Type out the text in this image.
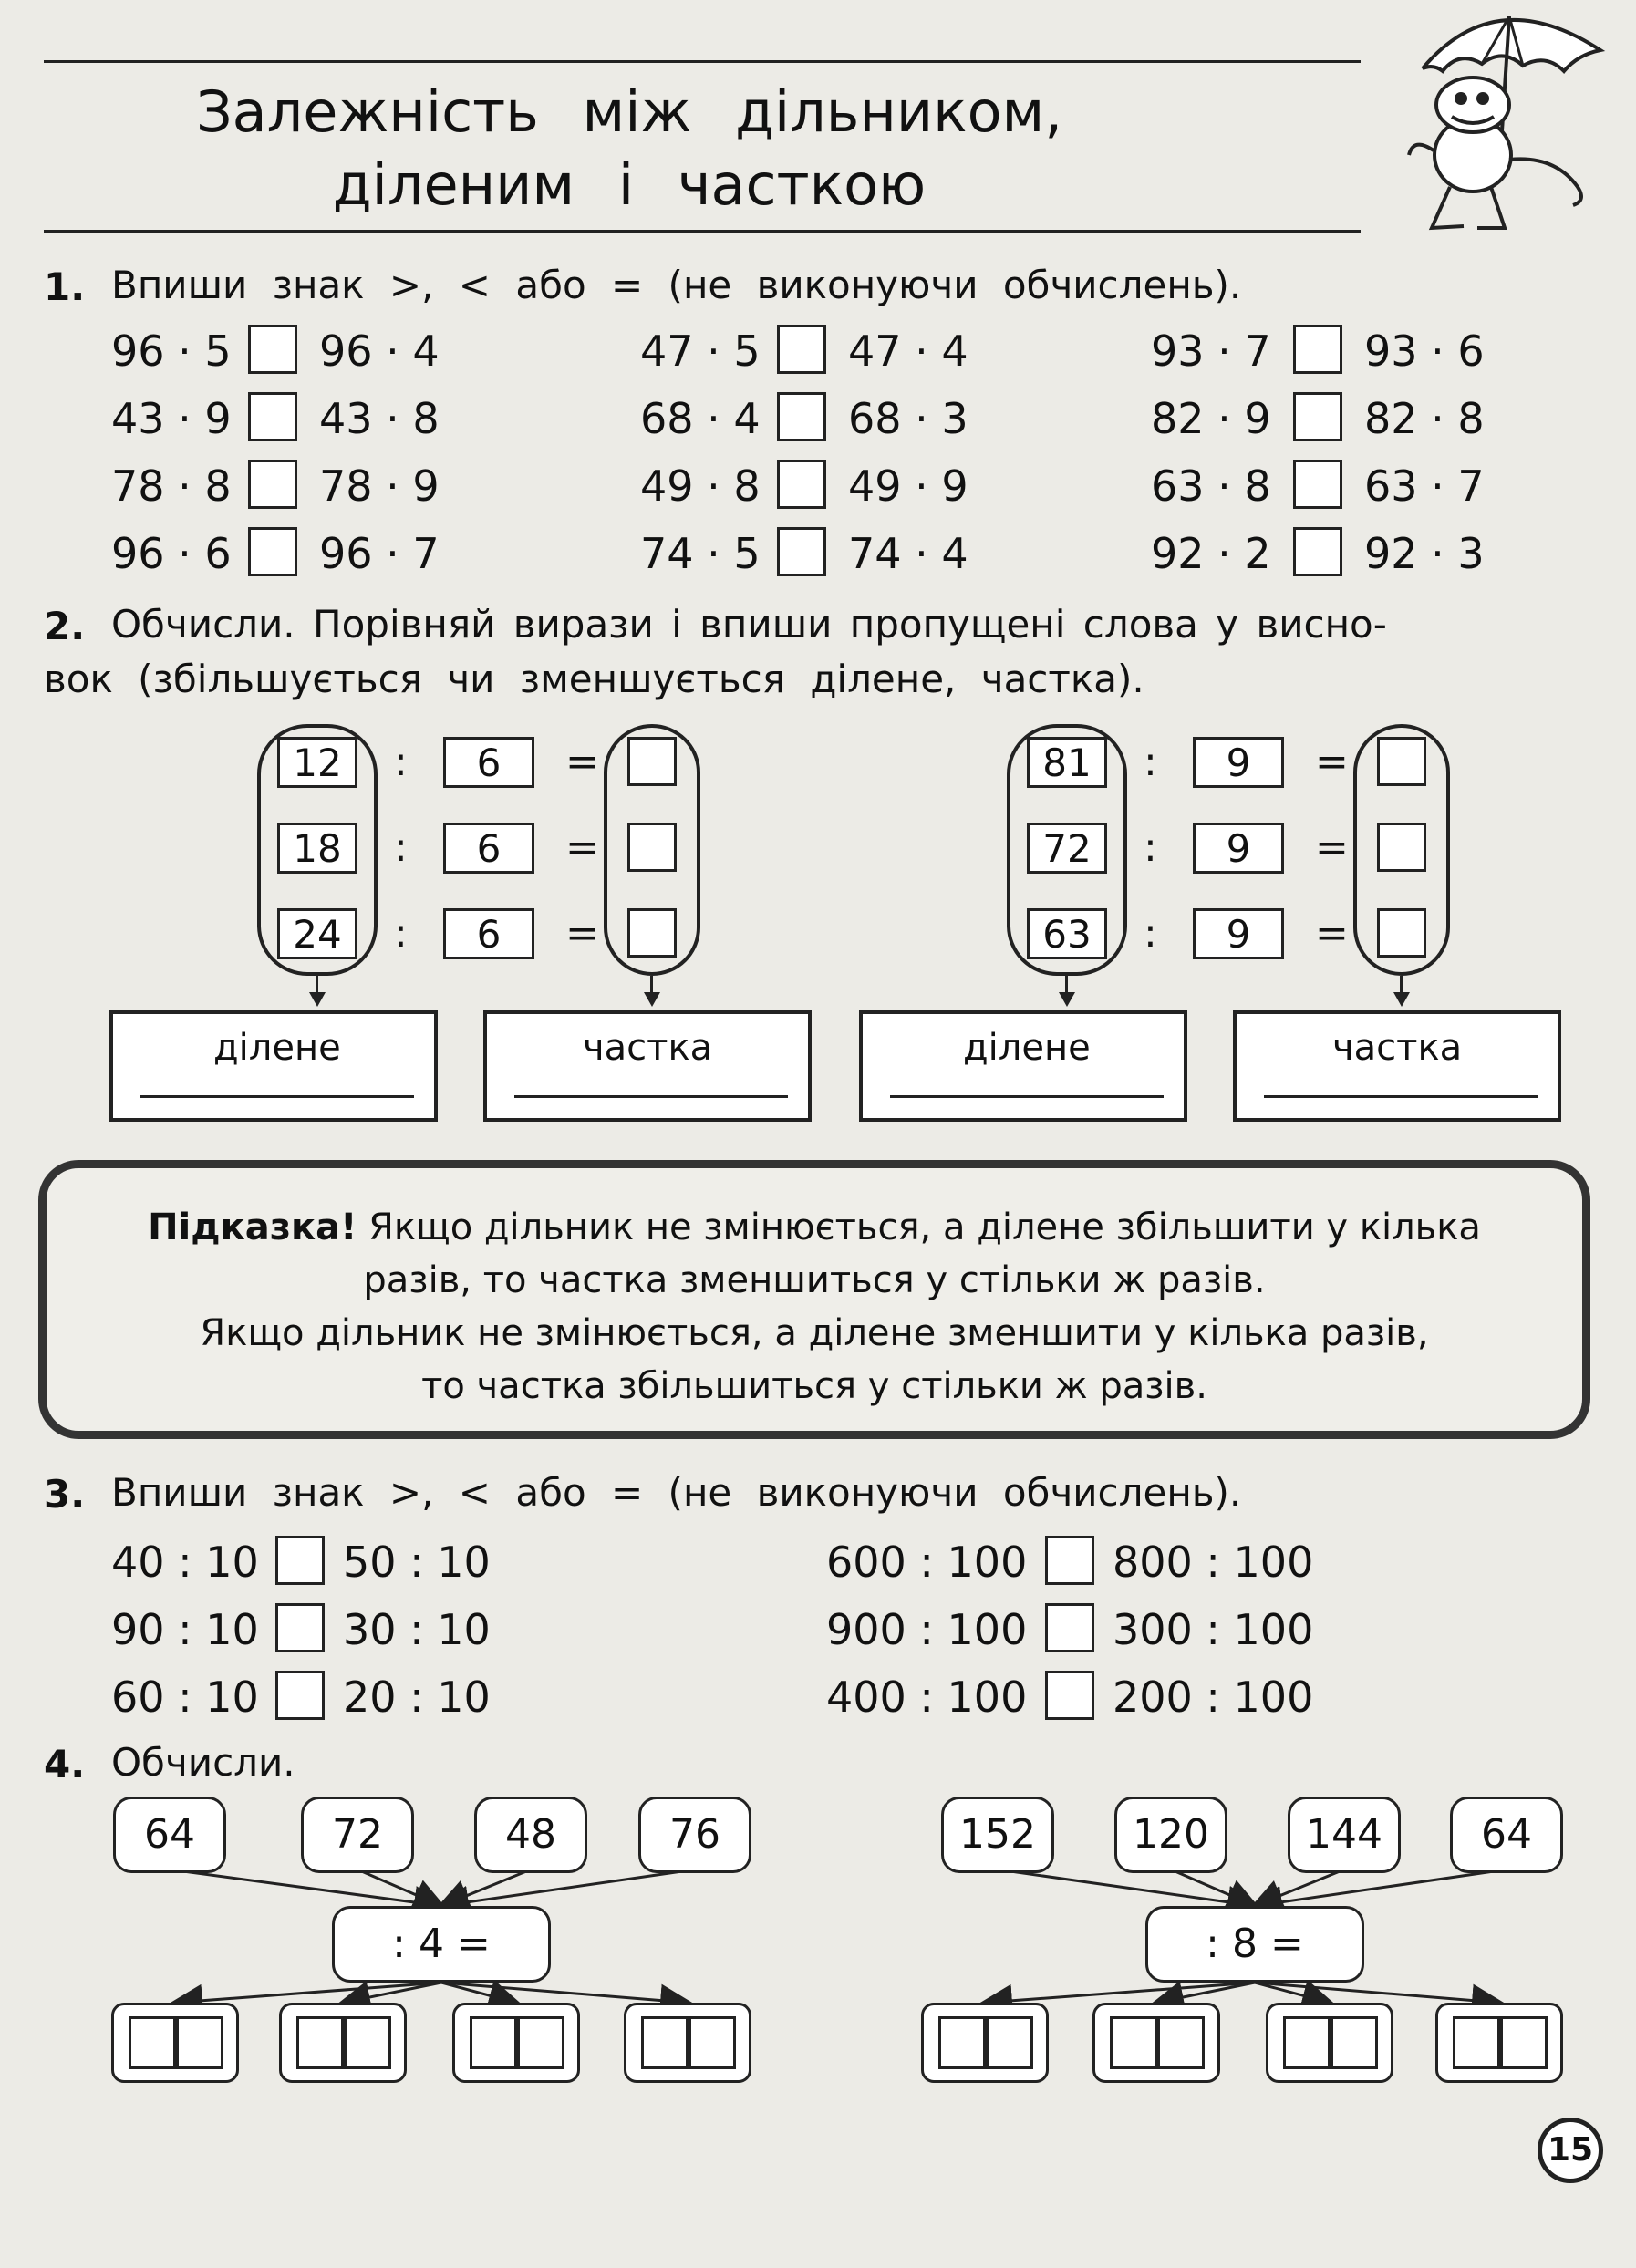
Залежність між дільником,
діленим і часткою
1. Впиши знак >, < або = (не виконуючи обчислень).
96 · 5 96 · 4
43 · 9 43 · 8
78 · 8 78 · 9
96 · 6 96 · 7
47 · 5 47 · 4
68 · 4 68 · 3
49 · 8 49 · 9
74 · 5 74 · 4
93 · 7 93 · 6
82 · 9 82 · 8
63 · 8 63 · 7
92 · 2 92 · 3
2. Обчисли. Порівняй вирази і впиши пропущені слова у висно-
вок (збільшується чи зменшується ділене, частка).
12	:	6	=
18	:	6	=
24	:	6	=
ділене	частка
81	:	9	=
72	:	9	=
63	:	9	=
ділене	частка

Підказка! Якщо дільник не змінюється, а ділене збільшити у кілька

разів, то частка зменшиться у стільки ж разів.

Якщо дільник не змінюється, а ділене зменшити у кілька разів,

то частка збільшиться у стільки ж разів.

3. Впиши знак >, < або = (не виконуючи обчислень).
40 : 10 50 : 10
90 : 10 30 : 10
60 : 10 20 : 10
600 : 100 800 : 100
900 : 100 300 : 100
400 : 100 200 : 100
4. Обчисли.
64	72	48	76
: 4 =
152	120	144	64
: 8 =
15
